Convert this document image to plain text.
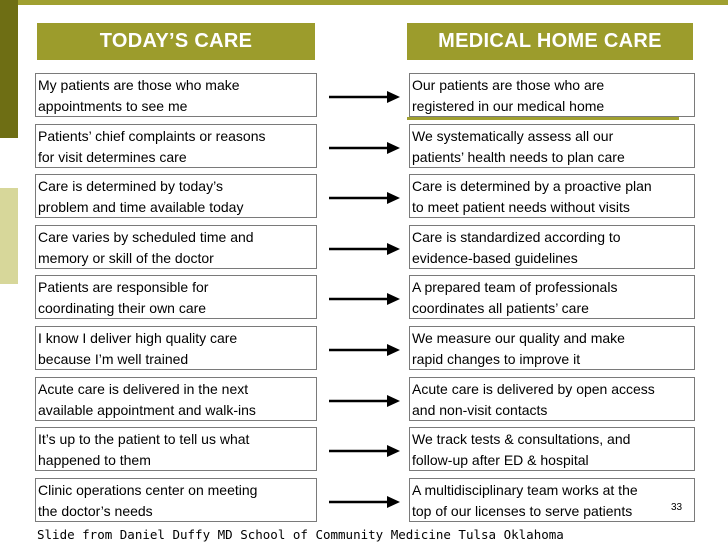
TODAY’S CARE	MEDICAL HOME CARE
My patients are those who make
appointments to see me
Our patients are those who are
registered in our medical home
Patients’ chief complaints or reasons
for visit determines care
We systematically assess all our
patients’ health needs to plan care
Care is determined by today’s
problem and time available today
Care is determined by a proactive plan
to meet patient needs without visits
Care varies by scheduled time and
memory or skill of the doctor
Care is standardized according to
evidence-based guidelines
Patients are responsible for
coordinating their own care
A prepared team of professionals
coordinates all patients’ care
I know I deliver high quality care
because I’m well trained
We measure our quality and make
rapid changes to improve it
Acute care is delivered in the next
available appointment and walk-ins
Acute care is delivered by open access
and non-visit contacts
It’s up to the patient to tell us what
happened to them
We track tests & consultations, and
follow-up after ED & hospital
Clinic operations center on meeting
the doctor’s needs
A multidisciplinary team works at the
top of our licenses to serve patients	33
Slide from Daniel Duffy MD School of Community Medicine Tulsa Oklahoma
